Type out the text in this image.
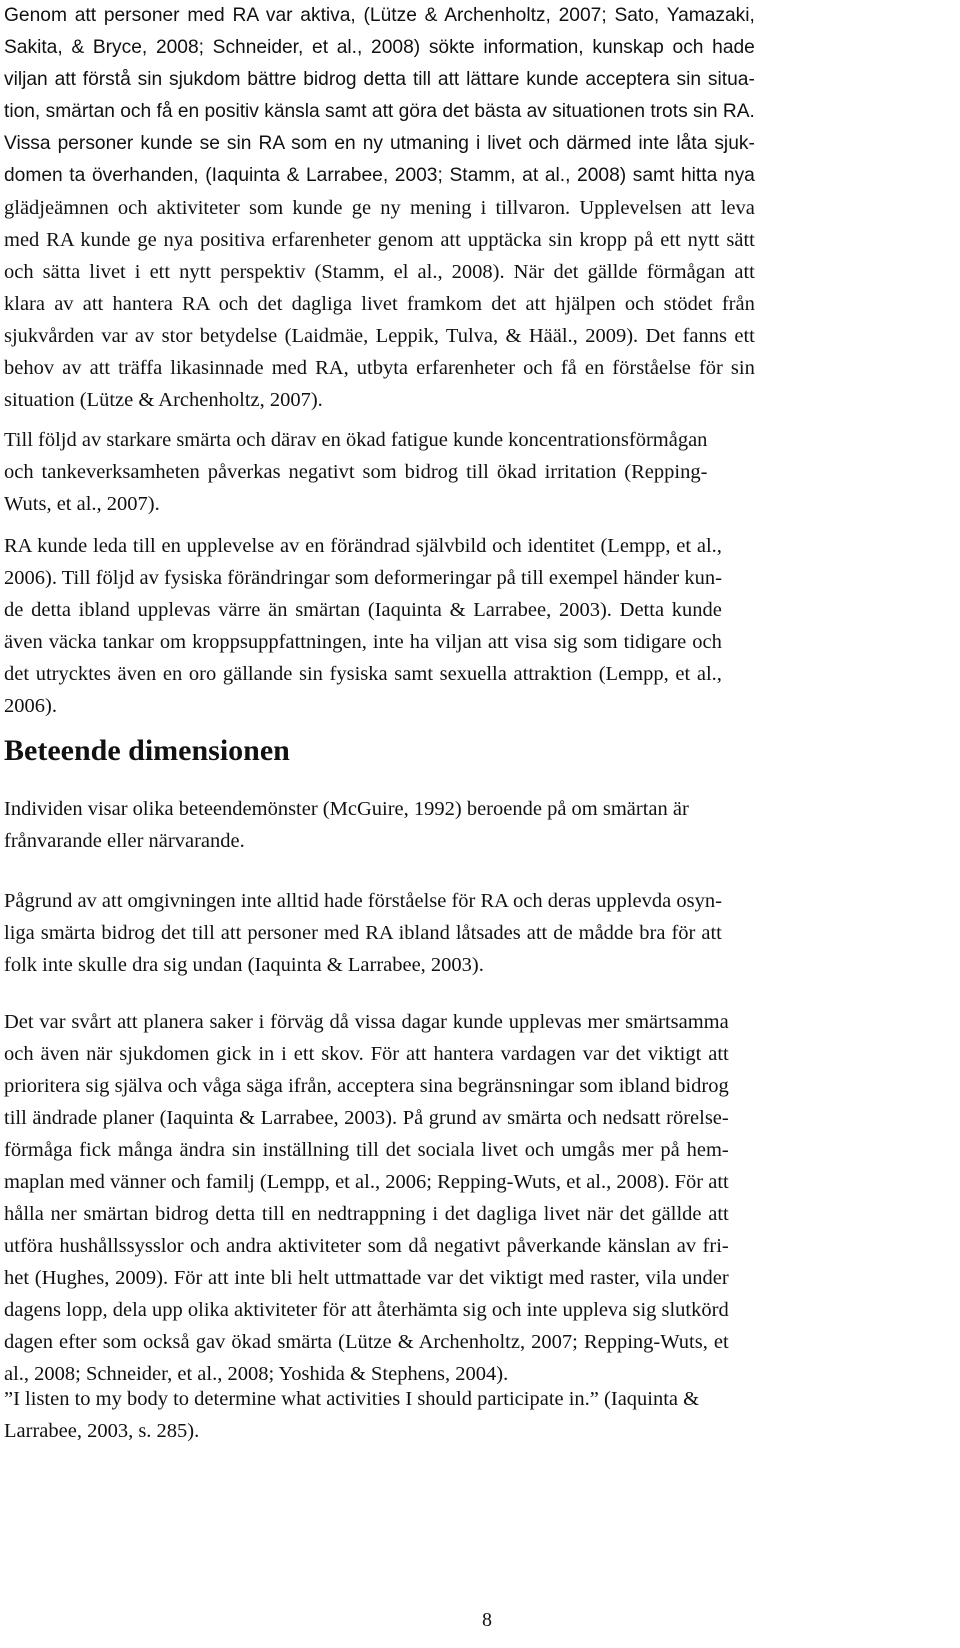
Genom att personer med RA var aktiva, (Lütze & Archenholtz, 2007; Sato, Yamazaki,
Sakita, & Bryce, 2008; Schneider, et al., 2008) sökte information, kunskap och hade
viljan att förstå sin sjukdom bättre bidrog detta till att lättare kunde acceptera sin situa-
tion, smärtan och få en positiv känsla samt att göra det bästa av situationen trots sin RA.
Vissa personer kunde se sin RA som en ny utmaning i livet och därmed inte låta sjuk-
domen ta överhanden, (Iaquinta & Larrabee, 2003; Stamm, at al., 2008) samt hitta nya
glädjeämnen och aktiviteter som kunde ge ny mening i tillvaron. Upplevelsen att leva
med RA kunde ge nya positiva erfarenheter genom att upptäcka sin kropp på ett nytt sätt
och sätta livet i ett nytt perspektiv (Stamm, el al., 2008). När det gällde förmågan att
klara av att hantera RA och det dagliga livet framkom det att hjälpen och stödet från
sjukvården var av stor betydelse (Laidmäe, Leppik, Tulva, & Hääl., 2009). Det fanns ett
behov av att träffa likasinnade med RA, utbyta erfarenheter och få en förståelse för sin
situation (Lütze & Archenholtz, 2007).
Till följd av starkare smärta och därav en ökad fatigue kunde koncentrationsförmågan
och tankeverksamheten påverkas negativt som bidrog till ökad irritation (Repping-
Wuts, et al., 2007).
RA kunde leda till en upplevelse av en förändrad självbild och identitet (Lempp, et al.,
2006). Till följd av fysiska förändringar som deformeringar på till exempel händer kun-
de detta ibland upplevas värre än smärtan (Iaquinta & Larrabee, 2003). Detta kunde
även väcka tankar om kroppsuppfattningen, inte ha viljan att visa sig som tidigare och
det utrycktes även en oro gällande sin fysiska samt sexuella attraktion (Lempp, et al.,
2006).
Beteende dimensionen
Individen visar olika beteendemönster (McGuire, 1992) beroende på om smärtan är
frånvarande eller närvarande.
Pågrund av att omgivningen inte alltid hade förståelse för RA och deras upplevda osyn-
liga smärta bidrog det till att personer med RA ibland låtsades att de mådde bra för att
folk inte skulle dra sig undan (Iaquinta & Larrabee, 2003).
Det var svårt att planera saker i förväg då vissa dagar kunde upplevas mer smärtsamma
och även när sjukdomen gick in i ett skov. För att hantera vardagen var det viktigt att
prioritera sig själva och våga säga ifrån, acceptera sina begränsningar som ibland bidrog
till ändrade planer (Iaquinta & Larrabee, 2003). På grund av smärta och nedsatt rörelse-
förmåga fick många ändra sin inställning till det sociala livet och umgås mer på hem-
maplan med vänner och familj (Lempp, et al., 2006; Repping-Wuts, et al., 2008). För att
hålla ner smärtan bidrog detta till en nedtrappning i det dagliga livet när det gällde att
utföra hushållssysslor och andra aktiviteter som då negativt påverkande känslan av fri-
het (Hughes, 2009). För att inte bli helt uttmattade var det viktigt med raster, vila under
dagens lopp, dela upp olika aktiviteter för att återhämta sig och inte uppleva sig slutkörd
dagen efter som också gav ökad smärta (Lütze & Archenholtz, 2007; Repping-Wuts, et
al., 2008; Schneider, et al., 2008; Yoshida & Stephens, 2004).
”I listen to my body to determine what activities I should participate in.” (Iaquinta &
Larrabee, 2003, s. 285).

8
